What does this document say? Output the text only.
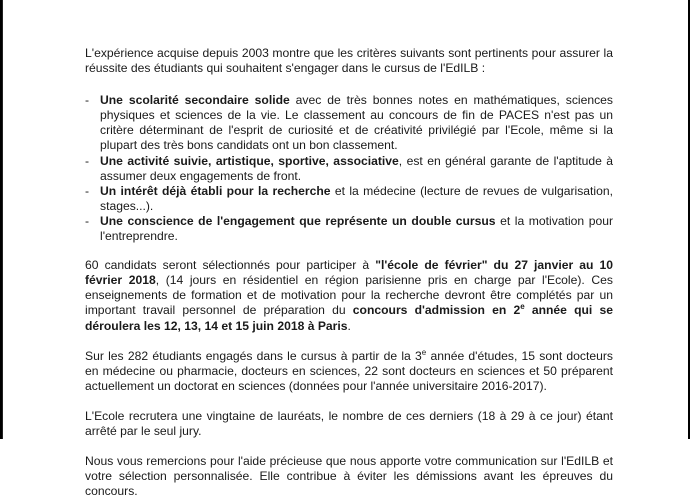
L'expérience acquise depuis 2003 montre que les critères suivants sont pertinents pour assurer la réussite des étudiants qui souhaitent s'engager dans le cursus de l'EdILB :

- Une scolarité secondaire solide avec de très bonnes notes en mathématiques, sciences physiques et sciences de la vie. Le classement au concours de fin de PACES n'est pas un critère déterminant de l'esprit de curiosité et de créativité privilégié par l'Ecole, même si la plupart des très bons candidats ont un bon classement.
- Une activité suivie, artistique, sportive, associative, est en général garante de l'aptitude à assumer deux engagements de front.
- Un intérêt déjà établi pour la recherche et la médecine (lecture de revues de vulgarisation, stages...).
- Une conscience de l'engagement que représente un double cursus et la motivation pour l'entreprendre.

60 candidats seront sélectionnés pour participer à "l'école de février" du 27 janvier au 10 février 2018, (14 jours en résidentiel en région parisienne pris en charge par l'Ecole). Ces enseignements de formation et de motivation pour la recherche devront être complétés par un important travail personnel de préparation du concours d'admission en 2e année qui se déroulera les 12, 13, 14 et 15 juin 2018 à Paris.

Sur les 282 étudiants engagés dans le cursus à partir de la 3e année d'études, 15 sont docteurs en médecine ou pharmacie, docteurs en sciences, 22 sont docteurs en sciences et 50 préparent actuellement un doctorat en sciences (données pour l'année universitaire 2016-2017).

L'Ecole recrutera une vingtaine de lauréats, le nombre de ces derniers (18 à 29 à ce jour) étant arrêté par le seul jury.

Nous vous remercions pour l'aide précieuse que nous apporte votre communication sur l'EdILB et votre sélection personnalisée. Elle contribue à éviter les démissions avant les épreuves du concours.
